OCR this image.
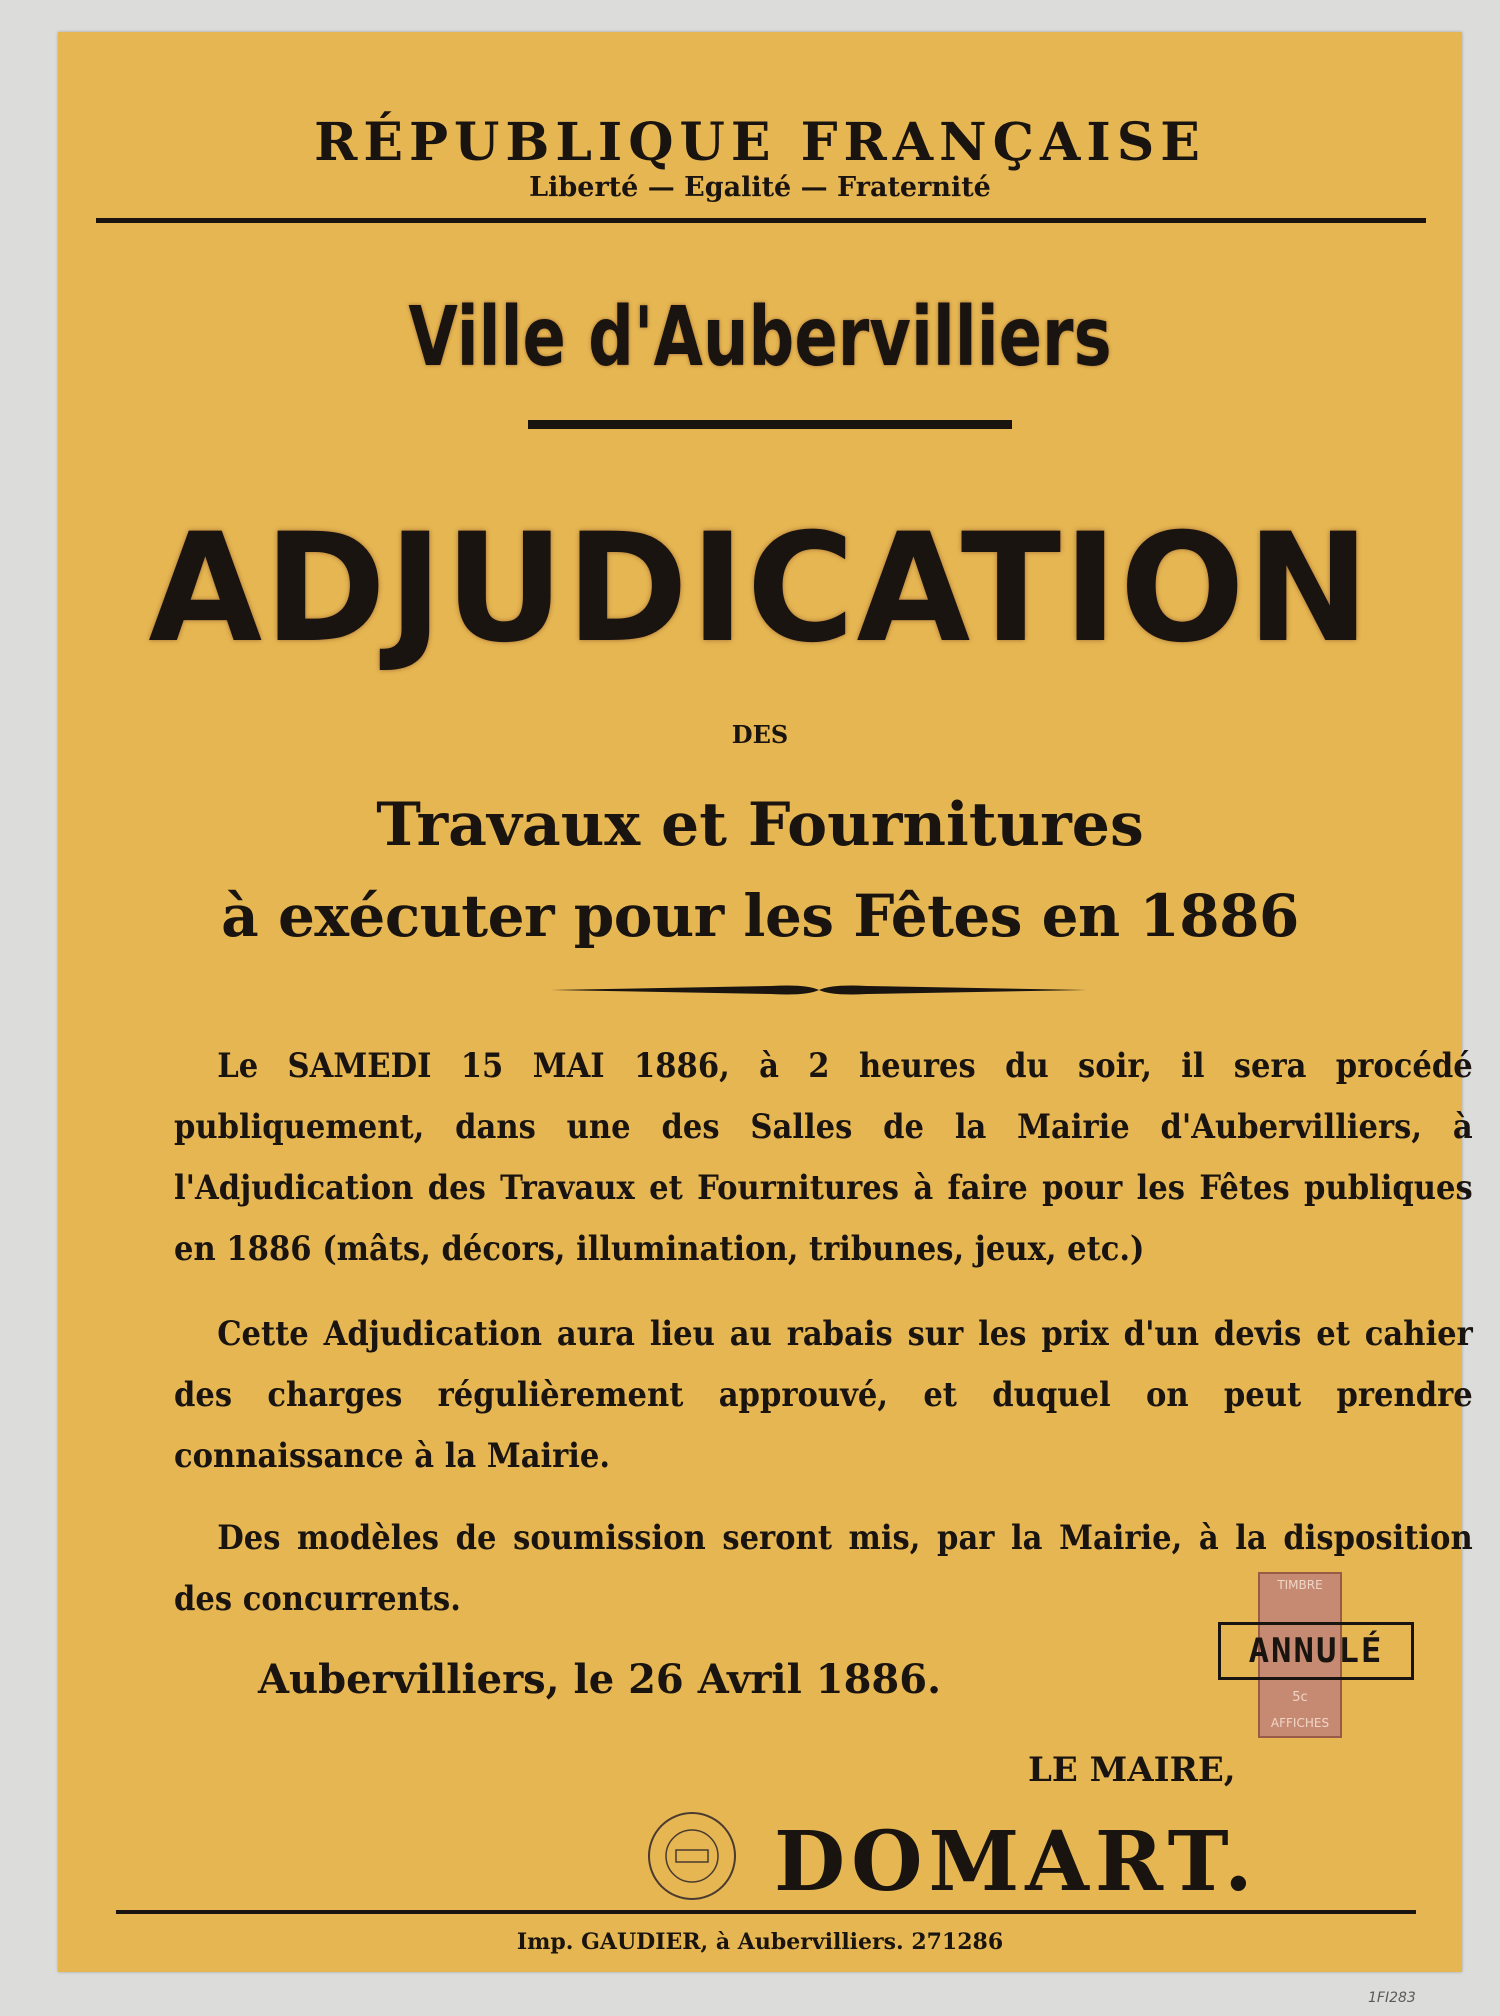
RÉPUBLIQUE FRANÇAISE
Liberté — Egalité — Fraternité
Ville d'Aubervilliers
ADJUDICATION
DES
Travaux et Fournitures
à exécuter pour les Fêtes en 1886

Le SAMEDI 15 MAI 1886, à 2 heures du soir, il sera procédé publiquement, dans une des Salles de la Mairie d'Aubervilliers, à l'Adjudication des Travaux et Fournitures à faire pour les Fêtes publiques en 1886 (mâts, décors, illumination, tribunes, jeux, etc.)

Cette Adjudication aura lieu au rabais sur les prix d'un devis et cahier des charges régulièrement approuvé, et duquel on peut prendre connaissance à la Mairie.

Des modèles de soumission seront mis, par la Mairie, à la disposition des concurrents.

Aubervilliers, le 26 Avril 1886.
TIMBRE
5c
AFFICHES
ANNULÉ
LE MAIRE,
DOMART.
Imp. GAUDIER, à Aubervilliers. 271286
1FI283
